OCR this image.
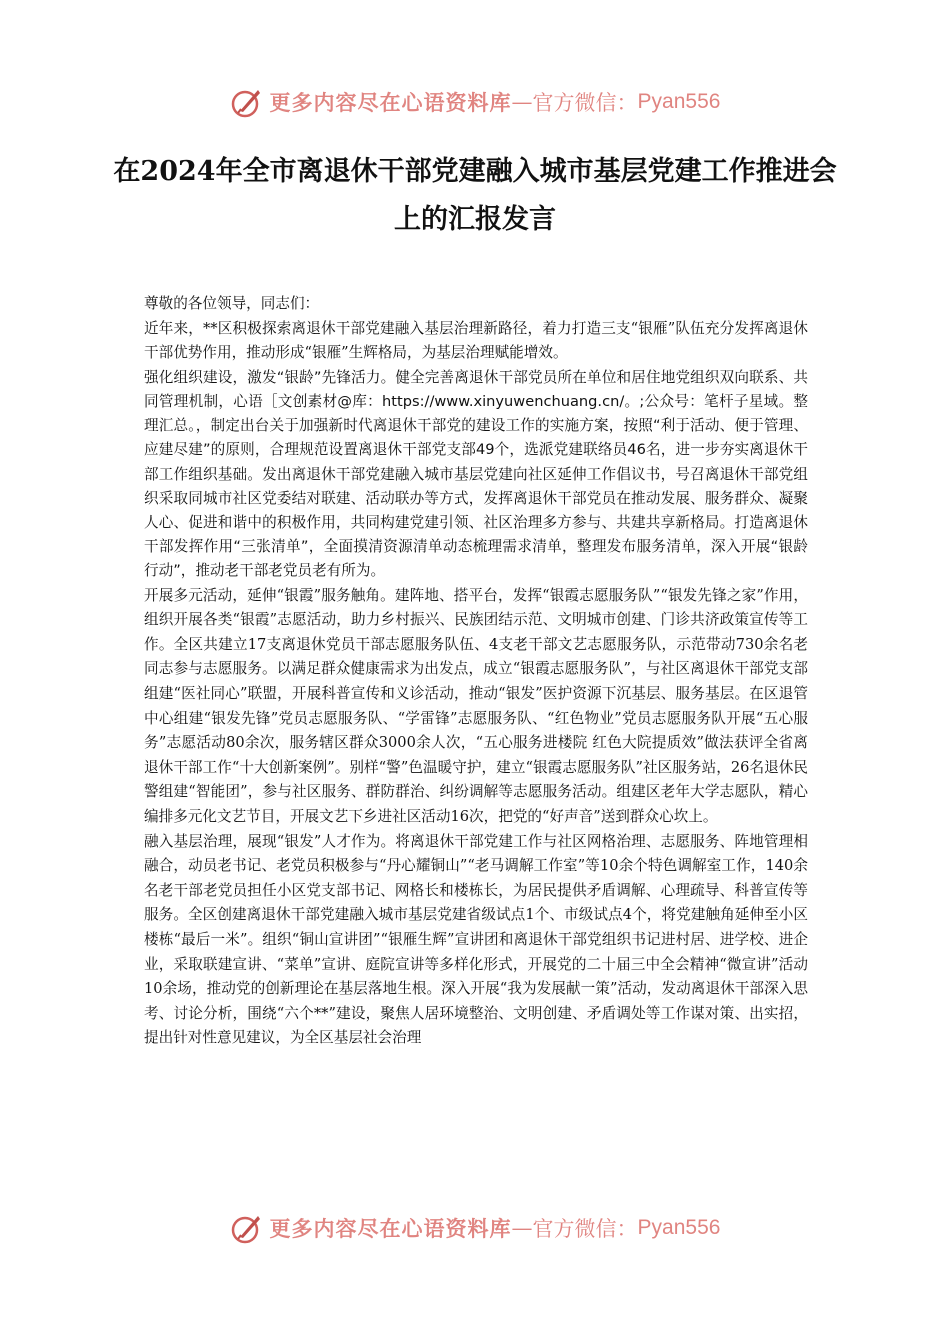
更多内容尽在心语资料库 — 官方微信： Pyan556
在2024年全市离退休干部党建融入城市基层党建工作推进会上的汇报发言

尊敬的各位领导，同志们：

近年来，**区积极探索离退休干部党建融入基层治理新路径，着力打造三支“银雁”队伍充分发挥离退休干部优势作用，推动形成“银雁”生辉格局，为基层治理赋能增效。

强化组织建设，激发“银龄”先锋活力。健全完善离退休干部党员所在单位和居住地党组织双向联系、共同管理机制，心语［文创素材@库：https://www.xinyuwenchuang.cn/。;公众号：笔杆子星域。整理汇总。，制定出台关于加强新时代离退休干部党的建设工作的实施方案，按照“利于活动、便于管理、应建尽建”的原则，合理规范设置离退休干部党支部49个，选派党建联络员46名，进一步夯实离退休干部工作组织基础。发出离退休干部党建融入城市基层党建向社区延伸工作倡议书，号召离退休干部党组织采取同城市社区党委结对联建、活动联办等方式，发挥离退休干部党员在推动发展、服务群众、凝聚人心、促进和谐中的积极作用，共同构建党建引领、社区治理多方参与、共建共享新格局。打造离退休干部发挥作用“三张清单”，全面摸清资源清单动态梳理需求清单，整理发布服务清单，深入开展“银龄行动”，推动老干部老党员老有所为。

开展多元活动，延伸“银霞”服务触角。建阵地、搭平台，发挥“银霞志愿服务队”“银发先锋之家”作用，组织开展各类“银霞”志愿活动，助力乡村振兴、民族团结示范、文明城市创建、门诊共济政策宣传等工作。全区共建立17支离退休党员干部志愿服务队伍、4支老干部文艺志愿服务队，示范带动730余名老同志参与志愿服务。以满足群众健康需求为出发点，成立“银霞志愿服务队”，与社区离退休干部党支部组建“医社同心”联盟，开展科普宣传和义诊活动，推动“银发”医护资源下沉基层、服务基层。在区退管中心组建“银发先锋”党员志愿服务队、“学雷锋”志愿服务队、“红色物业”党员志愿服务队开展“五心服务”志愿活动80余次，服务辖区群众3000余人次，“五心服务进楼院 红色大院提质效”做法获评全省离退休干部工作“十大创新案例”。别样“警”色温暖守护，建立“银霞志愿服务队”社区服务站，26名退休民警组建“智能团”，参与社区服务、群防群治、纠纷调解等志愿服务活动。组建区老年大学志愿队，精心编排多元化文艺节目，开展文艺下乡进社区活动16次，把党的“好声音”送到群众心坎上。

融入基层治理，展现“银发”人才作为。将离退休干部党建工作与社区网格治理、志愿服务、阵地管理相融合，动员老书记、老党员积极参与“丹心耀铜山”“老马调解工作室”等10余个特色调解室工作，140余名老干部老党员担任小区党支部书记、网格长和楼栋长，为居民提供矛盾调解、心理疏导、科普宣传等服务。全区创建离退休干部党建融入城市基层党建省级试点1个、市级试点4个，将党建触角延伸至小区楼栋“最后一米”。组织“铜山宣讲团”“银雁生辉”宣讲团和离退休干部党组织书记进村居、进学校、进企业，采取联建宣讲、“菜单”宣讲、庭院宣讲等多样化形式，开展党的二十届三中全会精神“微宣讲”活动10余场，推动党的创新理论在基层落地生根。深入开展“我为发展献一策”活动，发动离退休干部深入思考、讨论分析，围绕“六个**”建设，聚焦人居环境整治、文明创建、矛盾调处等工作谋对策、出实招，提出针对性意见建议，为全区基层社会治理

更多内容尽在心语资料库 — 官方微信： Pyan556
